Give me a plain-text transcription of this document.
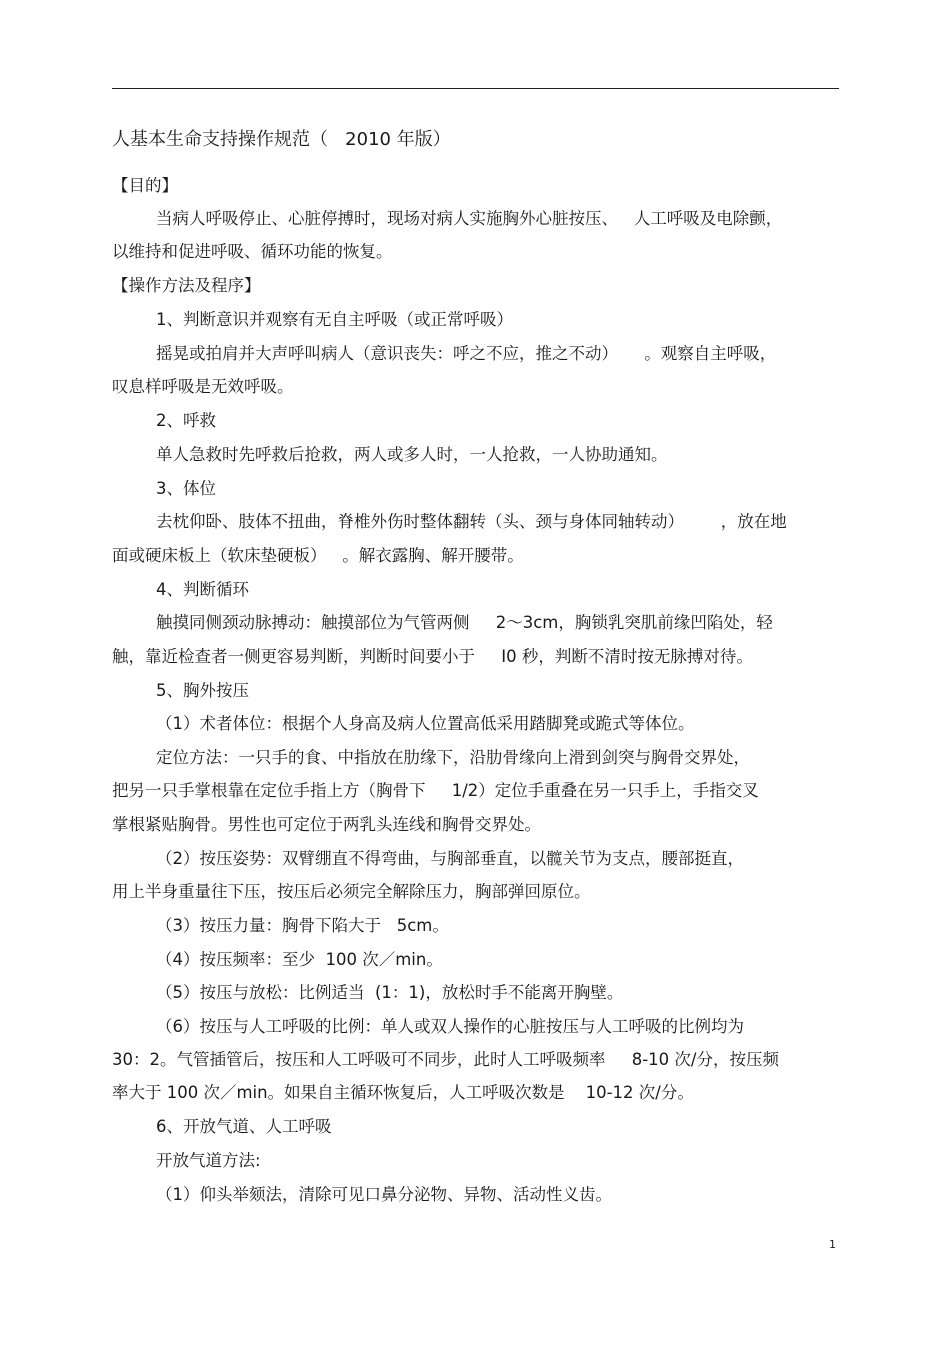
人基本生命支持操作规范（   2010 年版）
【目的】
当病人呼吸停止、心脏停搏时，现场对病人实施胸外心脏按压、   人工呼吸及电除颤，
以维持和促进呼吸、循环功能的恢复。
【操作方法及程序】
1、判断意识并观察有无自主呼吸（或正常呼吸）
摇晃或拍肩并大声呼叫病人（意识丧失：呼之不应，推之不动）     。观察自主呼吸，
叹息样呼吸是无效呼吸。
2、呼救
单人急救时先呼救后抢救，两人或多人时，一人抢救，一人协助通知。
3、体位
去枕仰卧、肢体不扭曲，脊椎外伤时整体翻转（头、颈与身体同轴转动）       ，放在地
面或硬床板上（软床垫硬板）   。解衣露胸、解开腰带。
4、判断循环
触摸同侧颈动脉搏动：触摸部位为气管两侧     2～3cm，胸锁乳突肌前缘凹陷处，轻
触，靠近检查者一侧更容易判断，判断时间要小于     I0 秒，判断不清时按无脉搏对待。
5、胸外按压
（1）术者体位：根据个人身高及病人位置高低采用踏脚凳或跪式等体位。
定位方法：一只手的食、中指放在肋缘下，沿肋骨缘向上滑到剑突与胸骨交界处，
把另一只手掌根靠在定位手指上方（胸骨下     1/2）定位手重叠在另一只手上，手指交叉
掌根紧贴胸骨。男性也可定位于两乳头连线和胸骨交界处。
（2）按压姿势：双臂绷直不得弯曲，与胸部垂直，以髋关节为支点，腰部挺直，
用上半身重量往下压，按压后必须完全解除压力，胸部弹回原位。
（3）按压力量：胸骨下陷大于   5cm。
（4）按压频率：至少  100 次／min。
（5）按压与放松：比例适当  (1：1)，放松时手不能离开胸壁。
（6）按压与人工呼吸的比例：单人或双人操作的心脏按压与人工呼吸的比例均为
30：2。气管插管后，按压和人工呼吸可不同步，此时人工呼吸频率     8-10 次/分，按压频
率大于 100 次／min。如果自主循环恢复后，人工呼吸次数是    10-12 次/分。
6、开放气道、人工呼吸
开放气道方法:
（1）仰头举颏法，清除可见口鼻分泌物、异物、活动性义齿。
1
